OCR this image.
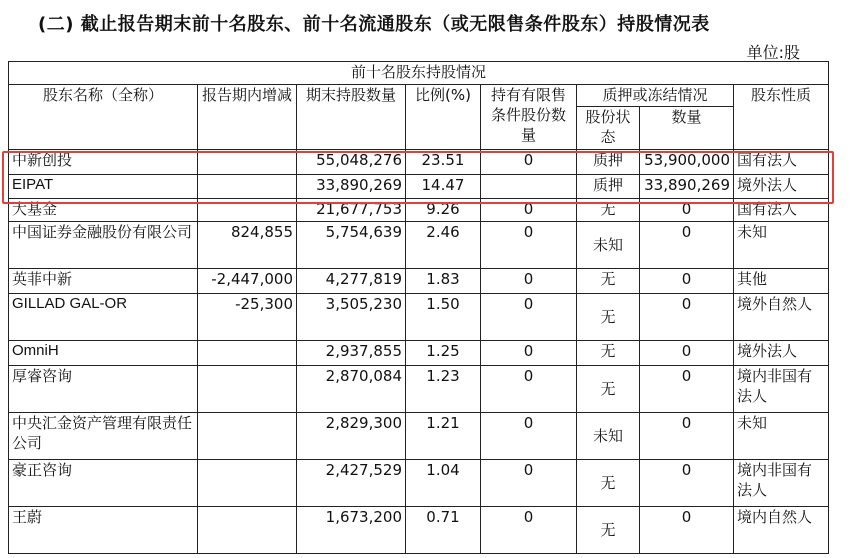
(二) 截止报告期末前十名股东、前十名流通股东（或无限售条件股东）持股情况表
单位:股
前十名股东持股情况							
股东名称（全称）	报告期内增减	期末持股数量	比例(%)	持有有限售条件股份数量	质押或冻结情况		股东性质
					股份状态	数量	
中新创投		55,048,276	23.51	0	质押	53,900,000	国有法人
EIPAT		33,890,269	14.47		质押	33,890,269	境外法人
大基金		21,677,753	9.26	0	无	0	国有法人
中国证券金融股份有限公司	824,855	5,754,639	2.46	0	未知	0	未知
英菲中新	-2,447,000	4,277,819	1.83	0	无	0	其他
GILLAD GAL-OR	-25,300	3,505,230	1.50	0	无	0	境外自然人
OmniH		2,937,855	1.25	0	无	0	境外法人
厚睿咨询		2,870,084	1.23	0	无	0	境内非国有法人
中央汇金资产管理有限责任公司		2,829,300	1.21	0	未知	0	未知
豪正咨询		2,427,529	1.04	0	无	0	境内非国有法人
王蔚		1,673,200	0.71	0	无	0	境内自然人
